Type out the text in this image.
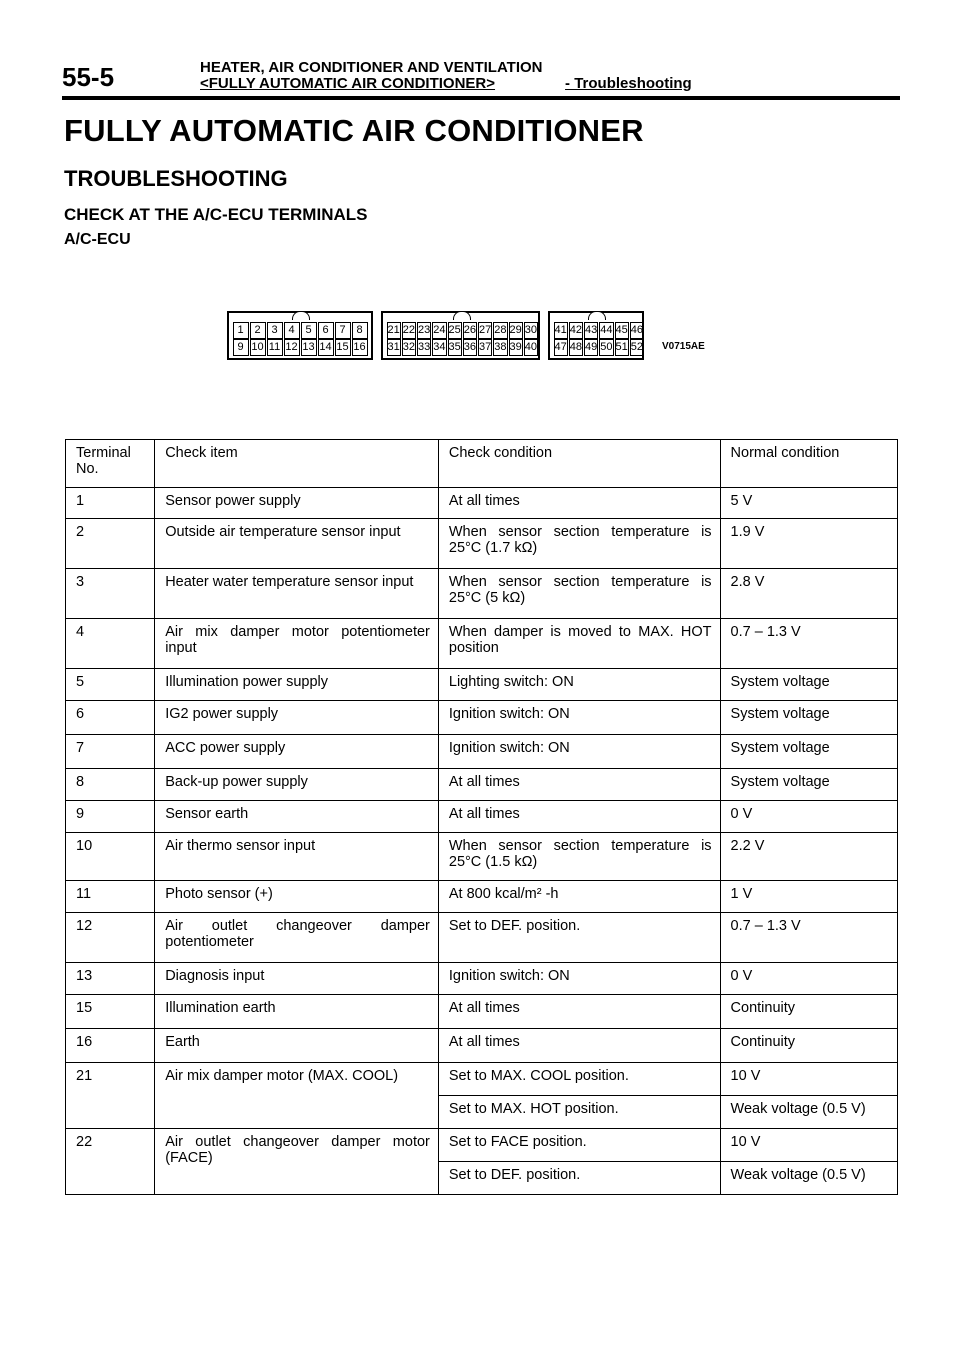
55-5	HEATER, AIR CONDITIONER AND VENTILATION
<FULLY AUTOMATIC AIR CONDITIONER>	- Troubleshooting
FULLY AUTOMATIC AIR CONDITIONER
TROUBLESHOOTING
CHECK AT THE A/C-ECU TERMINALS
A/C-ECU
1 2 3 4 5 6 7 8
9 10 11 12 13 14 15 16
21 22 23 24 25 26 27 28 29 30
31 32 33 34 35 36 37 38 39 40
41 42 43 44 45 46
47 48 49 50 51 52 V0715AE
Terminal No.	Check item	Check condition	Normal condition
1	Sensor power supply	At all times	5 V
2	Outside air temperature sensor input	When sensor section temperature is 25°C (1.7 kΩ)	1.9 V
3	Heater water temperature sensor input	When sensor section temperature is 25°C (5 kΩ)	2.8 V
4	Air mix damper motor potentiometer input	When damper is moved to MAX. HOT position	0.7 – 1.3 V
5	Illumination power supply	Lighting switch: ON	System voltage
6	IG2 power supply	Ignition switch: ON	System voltage
7	ACC power supply	Ignition switch: ON	System voltage
8	Back-up power supply	At all times	System voltage
9	Sensor earth	At all times	0 V
10	Air thermo sensor input	When sensor section temperature is 25°C (1.5 kΩ)	2.2 V
11	Photo sensor (+)	At 800 kcal/m² -h	1 V
12	Air outlet changeover damper potentiometer	Set to DEF. position.	0.7 – 1.3 V
13	Diagnosis input	Ignition switch: ON	0 V
15	Illumination earth	At all times	Continuity
16	Earth	At all times	Continuity
21	Air mix damper motor (MAX. COOL)	Set to MAX. COOL position.	10 V
		Set to MAX. HOT position.	Weak voltage (0.5 V)
22	Air outlet changeover damper motor (FACE)	Set to FACE position.	10 V
		Set to DEF. position.	Weak voltage (0.5 V)
